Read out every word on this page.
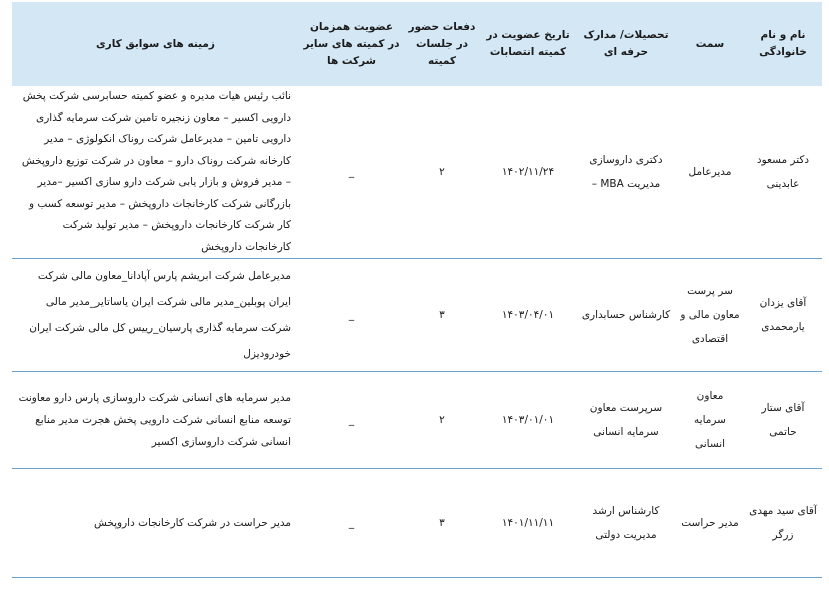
نام و نام خانوادگی	سمت	تحصیلات/ مدارک حرفه ای	تاریخ عضویت در کمیته انتصابات	دفعات حضور در جلسات کمیته	عضویت همزمان در کمیته های سایر شرکت ها	زمینه های سوابق کاری
دکتر مسعود عابدینی	مدیرعامل	دکتری داروسازی مدیریت MBA –	۱۴۰۲/۱۱/۲۴	۲	_	نائب رئیس هیات مدیره و عضو کمیته حسابرسی شرکت پخش دارویی اکسیر – معاون زنجیره تامین شرکت سرمایه گذاری دارویی تامین – مدیرعامل شرکت روناک انکولوژی – مدیر کارخانه شرکت روناک دارو – معاون در شرکت توزیع داروپخش – مدیر فروش و بازار یابی شرکت دارو سازی اکسیر –مدیر بازرگانی شرکت کارخانجات داروپخش – مدیر توسعه کسب و کار شرکت کارخانجات داروپخش – مدیر تولید شرکت کارخانجات داروپخش
آقای یزدان یارمحمدی	سر پرست معاون مالی و اقتصادی	کارشناس حسابداری	۱۴۰۳/۰۴/۰۱	۳	_	مدیرعامل شرکت ابریشم پارس آپادانا_معاون مالی شرکت ایران پوبلین_مدیر مالی شرکت ایران یاساتایر_مدیر مالی شرکت سرمایه گذاری پارسیان_رییس کل مالی شرکت ایران خودرودیزل
آقای ستار حاتمی	معاون سرمایه انسانی	سرپرست معاون سرمایه انسانی	۱۴۰۳/۰۱/۰۱	۲	_	مدیر سرمایه های انسانی شرکت داروسازی پارس دارو معاونت توسعه منابع انسانی شرکت دارویی پخش هجرت مدیر منابع انسانی شرکت داروسازی اکسیر
آقای سید مهدی زرگر	مدیر حراست	کارشناس ارشد مدیریت دولتی	۱۴۰۱/۱۱/۱۱	۳	_	مدیر حراست در شرکت کارخانجات داروپخش
